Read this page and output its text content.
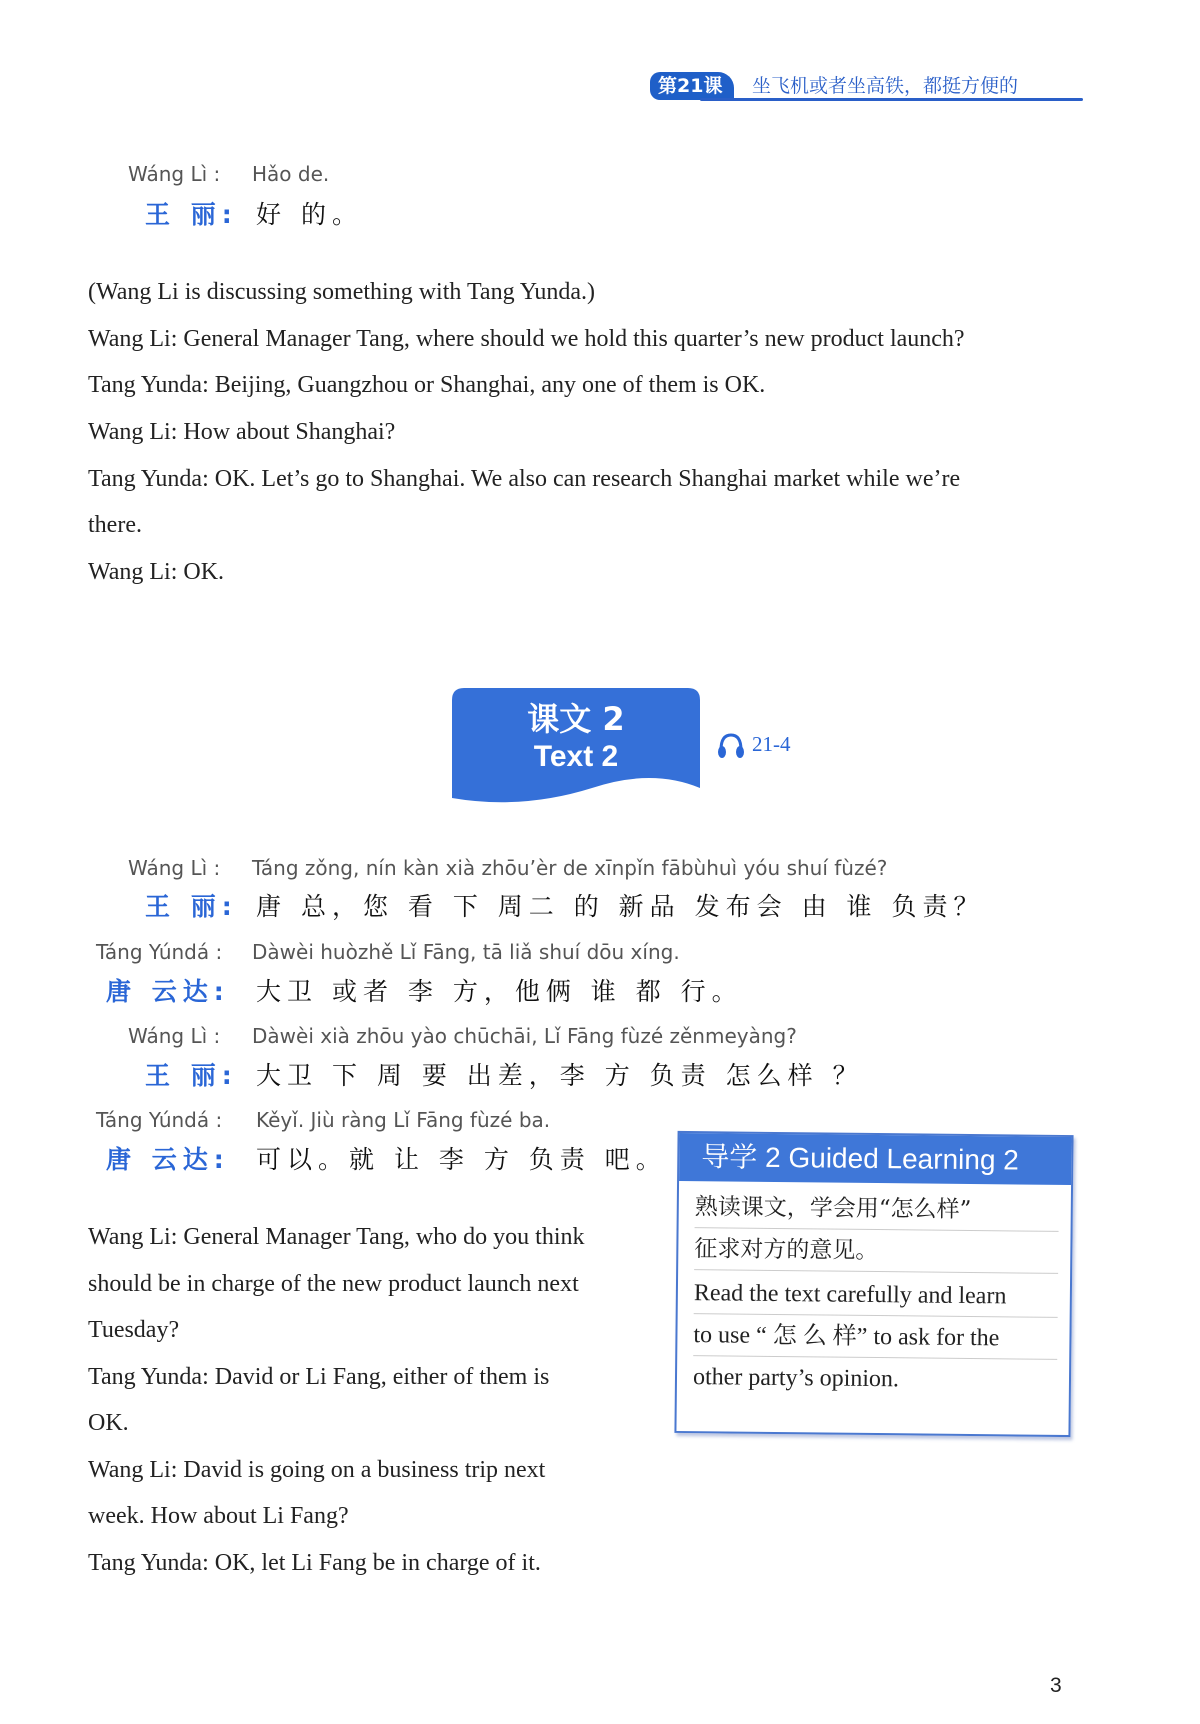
第21课	坐飞机或者坐高铁，都挺方便的
Wáng Lì : Hǎo de.
王 丽: 好 的。
(Wang Li is discussing something with Tang Yunda.)
Wang Li: General Manager Tang, where should we hold this quarter’s new product launch?
Tang Yunda: Beijing, Guangzhou or Shanghai, any one of them is OK.
Wang Li: How about Shanghai?
Tang Yunda: OK. Let’s go to Shanghai. We also can research Shanghai market while we’re
there.
Wang Li: OK.
课文 2
Text 2	21-4
Wáng Lì : Táng zǒng, nín kàn xià zhōu’èr de xīnpǐn fābùhuì yóu shuí fùzé?
王 丽: 唐 总，您 看 下 周二 的 新品 发布会 由 谁 负责？
Táng Yúndá : Dàwèi huòzhě Lǐ Fāng, tā liǎ shuí dōu xíng.
唐 云达: 大卫 或者 李 方，他俩 谁 都 行。
Wáng Lì : Dàwèi xià zhōu yào chūchāi, Lǐ Fāng fùzé zěnmeyàng?
王 丽: 大卫 下 周 要 出差，李 方 负责 怎么样 ？
Táng Yúndá : Kěyǐ. Jiù ràng Lǐ Fāng fùzé ba.
唐 云达: 可以。就 让 李 方 负责 吧。
Wang Li: General Manager Tang, who do you think
should be in charge of the new product launch next
Tuesday?
Tang Yunda: David or Li Fang, either of them is
OK.
Wang Li: David is going on a business trip next
week. How about Li Fang?
Tang Yunda: OK, let Li Fang be in charge of it.
导学 2 Guided Learning 2
熟读课文，学会用“怎么样”
征求对方的意见。
Read the text carefully and learn
to use “ 怎 么 样” to ask for the
other party’s opinion.
3
